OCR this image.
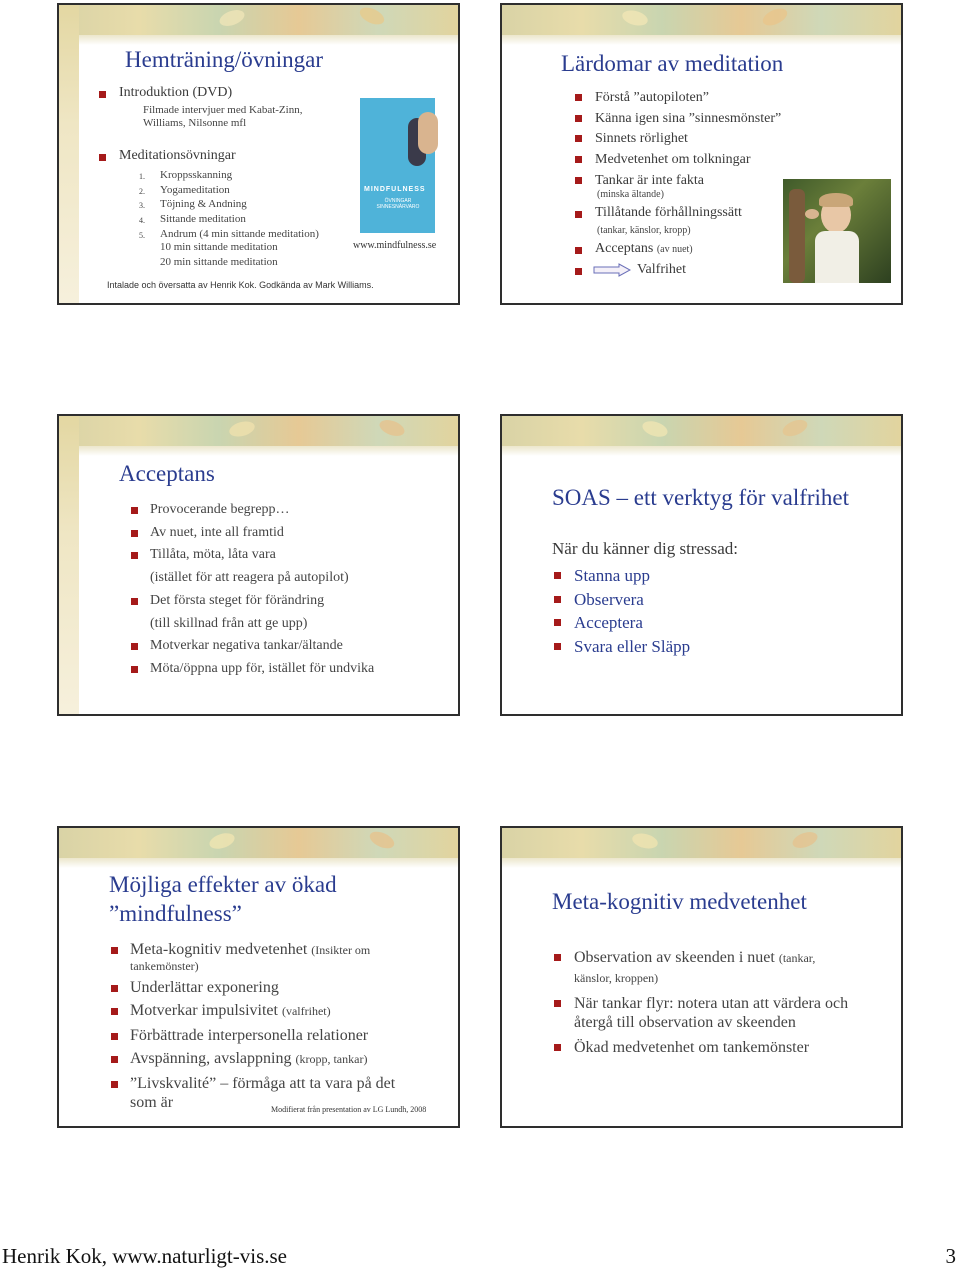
Hemträning/övningar
Introduktion (DVD)
Filmade intervjuer med Kabat-Zinn, Williams, Nilsonne mfl
Meditationsövningar
1. Kroppsskanning
2. Yogameditation
3. Töjning & Andning
4. Sittande meditation
5. Andrum (4 min sittande meditation)
10 min sittande meditation
20 min sittande meditation
MINDFULNESS
ÖVNINGAR SINNESNÄRVARO
www.mindfulness.se
Intalade och översatta av Henrik Kok. Godkända av Mark Williams.
Lärdomar av meditation
Förstå ”autopiloten”
Känna igen sina ”sinnesmönster”
Sinnets rörlighet
Medvetenhet om tolkningar
Tankar är inte fakta
(minska ältande)
Tillåtande förhållningssätt
(tankar, känslor, kropp)
Acceptans (av nuet)
Valfrihet
Acceptans
Provocerande begrepp…
Av nuet, inte all framtid
Tillåta, möta, låta vara
(istället för att reagera på autopilot)
Det första steget för förändring
(till skillnad från att ge upp)
Motverkar negativa tankar/ältande
Möta/öppna upp för, istället för undvika
SOAS – ett verktyg för valfrihet
När du känner dig stressad:
Stanna upp
Observera
Acceptera
Svara eller Släpp
Möjliga effekter av ökad
”mindfulness”
Meta-kognitiv medvetenhet (Insikter om
tankemönster)
Underlättar exponering
Motverkar impulsivitet (valfrihet)
Förbättrade interpersonella relationer
Avspänning, avslappning (kropp, tankar)
”Livskvalité” – förmåga att ta vara på det
som är	Modifierat från presentation av LG Lundh, 2008
Meta-kognitiv medvetenhet
Observation av skeenden i nuet (tankar,
känslor, kroppen)
När tankar flyr: notera utan att värdera och
återgå till observation av skeenden
Ökad medvetenhet om tankemönster
Henrik Kok, www.naturligt-vis.se	3
